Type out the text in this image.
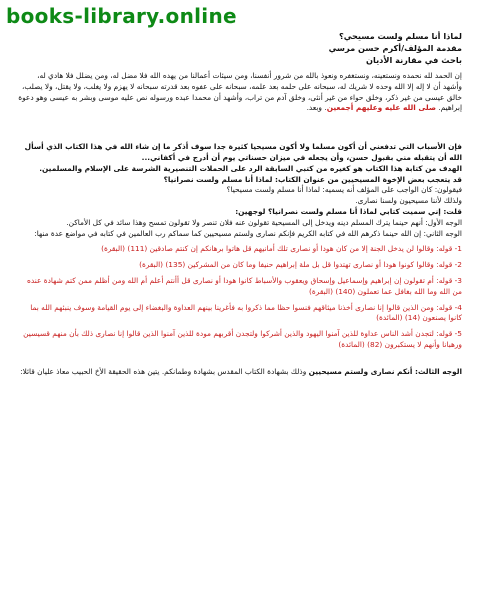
books-library.online

لماذا أنا مسلم ولست مسيحي؟

مقدمة المؤلف/أكرم حسن مرسي

باحث في مقارنة الأديان

إن الحمد لله نحمده ونستعينه، ونستغفره ونعوذ بالله من شرور أنفسنا، ومن سيئات أعمالنا من يهده الله فلا مضل له، ومن يضلل فلا هادي له، وأشهد أن لا إله إلا الله وحده لا شريك له، سبحانه على حلمه بعد علمه، سبحانه على عفوه بعد قدرته سبحانه لا يهزم ولا يغلب، ولا يقتل، ولا يصلب، خالق عيسى من غير ذكر، وخلق حواء من غير أنثى، وخلق آدم من تراب، وأشهد أن محمدا عبده ورسوله نص عليه موسى وبشر به عيسى وهو دعوة إبراهيم. صلى الله عليه وعليهم أجمعين. وبعد.

فإن الأسباب التي تدفعني أن أكون مسلما ولا أكون مسيحيا كثيرة جدا سوف أذكر ما إن شاء الله في هذا الكتاب الذي أسأل الله أن يتقبله مني بقبول حسن، وأن يجعله في ميزان حسناتي يوم أن أدرج في أكفاني...

الهدف من كتابة هذا الكتاب هو كغيره من كتبي السابقة الرد على الحملات التنصيرية الشرسة على الإسلام والمسلمين.

قد يتعجب بعض الإخوة المسيحيين من عنوان الكتاب: لماذا أنا مسلم ولست نصرانيا؟

فيقولون: كان الواجب على المؤلف أنه يسميه: لماذا أنا مسلم ولست مسيحيا؟

ولذلك لأننا مسيحيون ولسنا نصارى.

قلت: إني سميت كتابي لماذا أنا مسلم ولست نصرانيا؟ لوجهين:

الوجه الأول: أنهم حينما يترك المسلم دينه ويدخل إلى المسيحية تقولون عنه فلان تنصر ولا تقولون تمسح وهذا سائد في كل الأماكن.

الوجه الثاني: إن الله حينما ذكرهم الله في كتابه الكريم فإنكم نصارى ولستم مسيحيين كما سماكم رب العالمين في كتابه في مواضع عدة منها:

1- قوله: وقالوا لن يدخل الجنة إلا من كان هودا أو نصارى تلك أمانيهم قل هاتوا برهانكم إن كنتم صادقين (111) (البقرة)

2- قوله: وقالوا كونوا هودا أو نصارى تهتدوا قل بل ملة إبراهيم حنيفا وما كان من المشركين (135) (البقرة)

3- قوله: أم تقولون إن إبراهيم وإسماعيل وإسحاق ويعقوب والأسباط كانوا هودا أو نصارى قل أأنتم أعلم أم الله ومن أظلم ممن كتم شهادة عنده من الله وما الله بغافل عما تعملون (140) (البقرة)

4- قوله: ومن الذين قالوا إنا نصارى أخذنا ميثاقهم فنسوا حظا مما ذكروا به فأغرينا بينهم العداوة والبغضاء إلى يوم القيامة وسوف ينبئهم الله بما كانوا يصنعون (14) (المائدة)

5- قوله: لتجدن أشد الناس عداوة للذين آمنوا اليهود والذين أشركوا ولتجدن أقربهم مودة للذين آمنوا الذين قالوا إنا نصارى ذلك بأن منهم قسيسين ورهبانا وأنهم لا يستكبرون (82) (المائدة)

الوجه الثالث: أنكم نصارى ولستم مسيحيين وذلك بشهادة الكتاب المقدس بشهادة وطمانكم. يتين هذه الحقيقة الأخ الحبيب معاذ عليان قائلا:
